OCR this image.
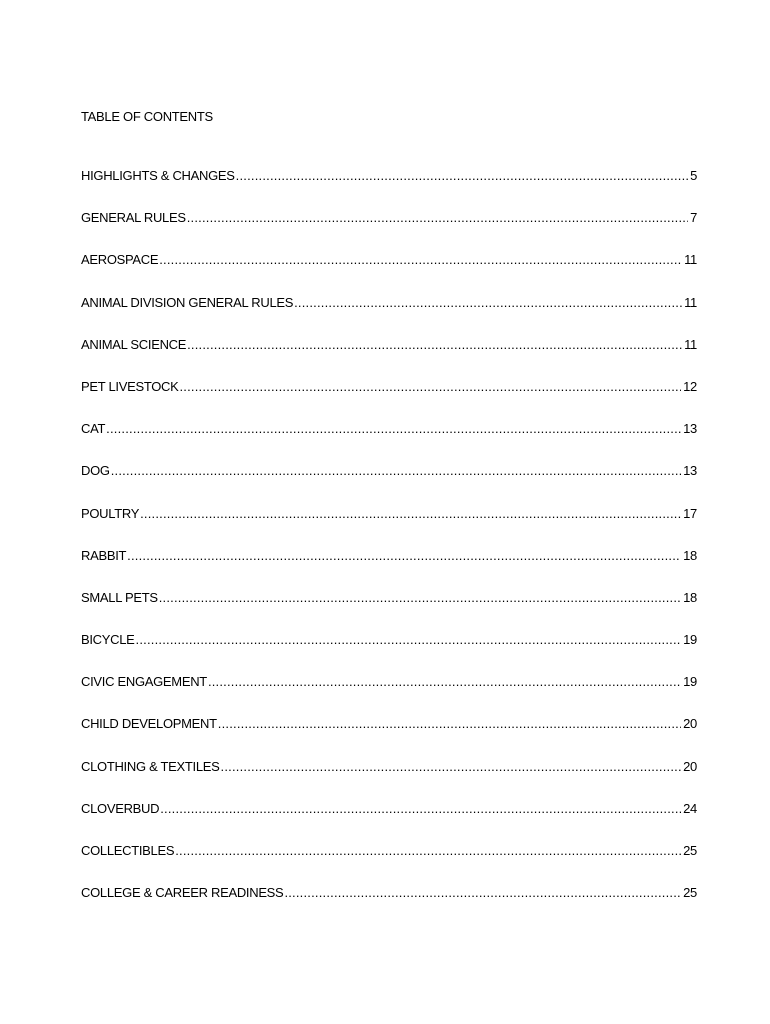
TABLE OF CONTENTS
HIGHLIGHTS & CHANGES .....	5
GENERAL RULES .....	7
AEROSPACE .....	11
ANIMAL DIVISION GENERAL RULES .....	11
ANIMAL SCIENCE .....	11
PET LIVESTOCK .....	12
CAT .....	13
DOG .....	13
POULTRY .....	17
RABBIT .....	18
SMALL PETS .....	18
BICYCLE .....	19
CIVIC ENGAGEMENT .....	19
CHILD DEVELOPMENT .....	20
CLOTHING & TEXTILES .....	20
CLOVERBUD .....	24
COLLECTIBLES .....	25
COLLEGE & CAREER READINESS .....	25
